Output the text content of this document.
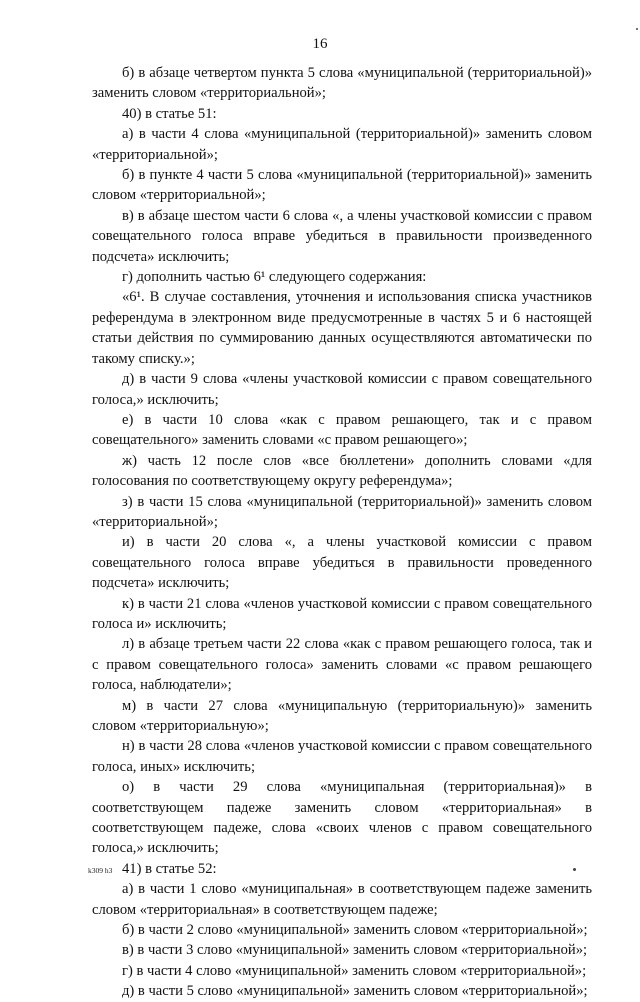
16

б) в абзаце четвертом пункта 5 слова «муниципальной (территориальной)» заменить словом «территориальной»;

40) в статье 51:

а) в части 4 слова «муниципальной (территориальной)» заменить словом «территориальной»;

б) в пункте 4 части 5 слова «муниципальной (территориальной)» заменить словом «территориальной»;

в) в абзаце шестом части 6 слова «, а члены участковой комиссии с правом совещательного голоса вправе убедиться в правильности произведенного подсчета» исключить;

г) дополнить частью 6¹ следующего содержания:

«6¹. В случае составления, уточнения и использования списка участников референдума в электронном виде предусмотренные в частях 5 и 6 настоящей статьи действия по суммированию данных осуществляются автоматически по такому списку.»;

д) в части 9 слова «члены участковой комиссии с правом совещательного голоса,» исключить;

е) в части 10 слова «как с правом решающего, так и с правом совещательного» заменить словами «с правом решающего»;

ж) часть 12 после слов «все бюллетени» дополнить словами «для голосования по соответствующему округу референдума»;

з) в части 15 слова «муниципальной (территориальной)» заменить словом «территориальной»;

и) в части 20 слова «, а члены участковой комиссии с правом совещательного голоса вправе убедиться в правильности проведенного подсчета» исключить;

к) в части 21 слова «членов участковой комиссии с правом совещательного голоса и» исключить;

л) в абзаце третьем части 22 слова «как с правом решающего голоса, так и с правом совещательного голоса» заменить словами «с правом решающего голоса, наблюдатели»;

м) в части 27 слова «муниципальную (территориальную)» заменить словом «территориальную»;

н) в части 28 слова «членов участковой комиссии с правом совещательного голоса, иных» исключить;

о) в части 29 слова «муниципальная (территориальная)» в соответствующем падеже заменить словом «территориальная» в соответствующем падеже, слова «своих членов с правом совещательного голоса,» исключить;

41) в статье 52:

а) в части 1 слово «муниципальная» в соответствующем падеже заменить словом «территориальная» в соответствующем падеже;

б) в части 2 слово «муниципальной» заменить словом «территориальной»;

в) в части 3 слово «муниципальной» заменить словом «территориальной»;

г) в части 4 слово «муниципальной» заменить словом «территориальной»;

д) в части 5 слово «муниципальной» заменить словом «территориальной»;

k309 h3
